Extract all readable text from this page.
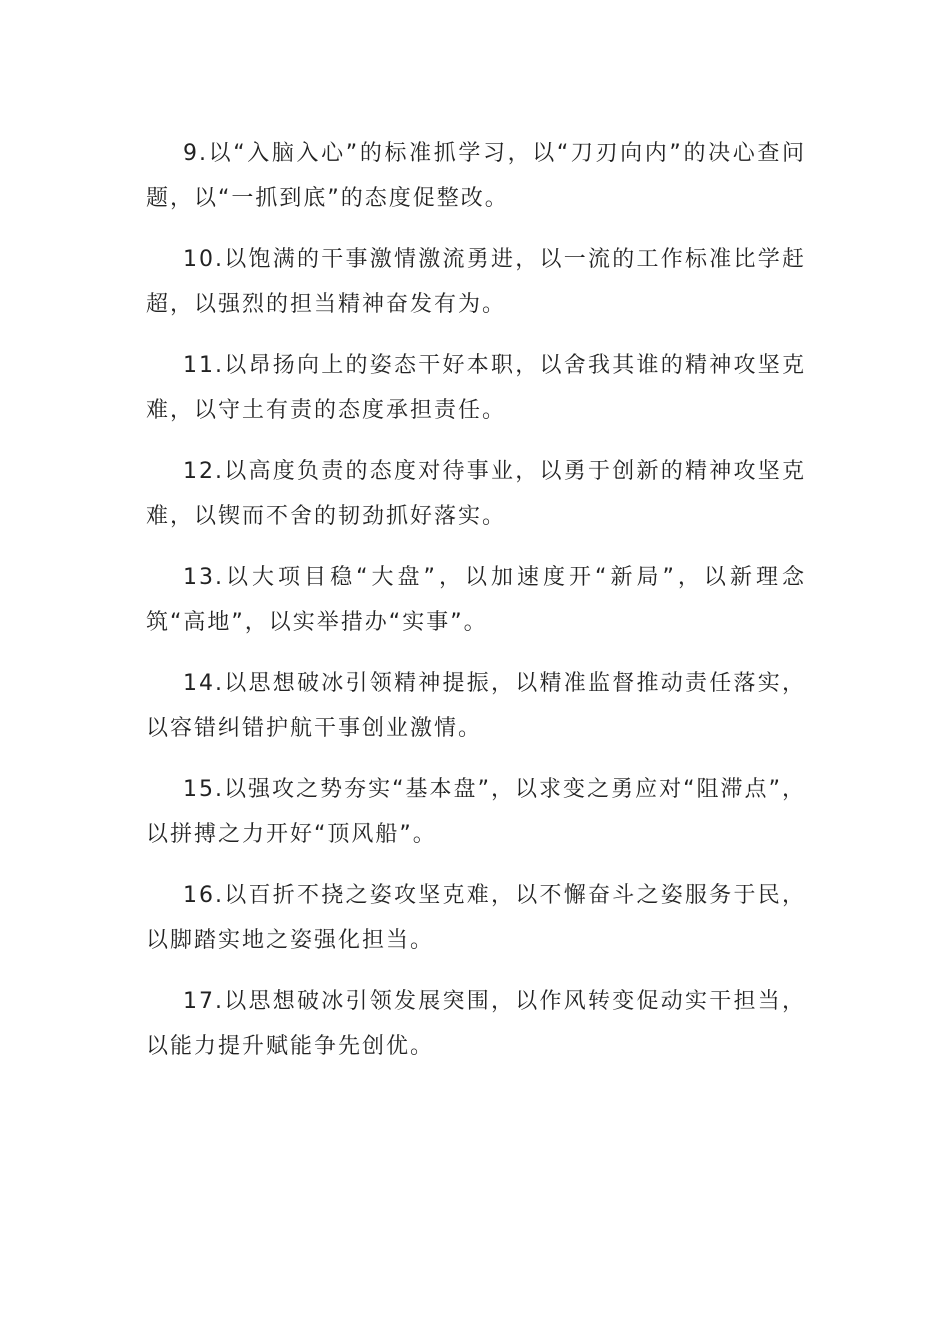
9.以“入脑入心”的标准抓学习，以“刀刃向内”的决心查问题，以“一抓到底”的态度促整改。

10.以饱满的干事激情激流勇进，以一流的工作标准比学赶超，以强烈的担当精神奋发有为。

11.以昂扬向上的姿态干好本职，以舍我其谁的精神攻坚克难，以守土有责的态度承担责任。

12.以高度负责的态度对待事业，以勇于创新的精神攻坚克难，以锲而不舍的韧劲抓好落实。

13.以大项目稳“大盘”，以加速度开“新局”，以新理念筑“高地”，以实举措办“实事”。

14.以思想破冰引领精神提振，以精准监督推动责任落实，以容错纠错护航干事创业激情。

15.以强攻之势夯实“基本盘”，以求变之勇应对“阻滞点”，以拼搏之力开好“顶风船”。

16.以百折不挠之姿攻坚克难，以不懈奋斗之姿服务于民，以脚踏实地之姿强化担当。

17.以思想破冰引领发展突围，以作风转变促动实干担当，以能力提升赋能争先创优。
